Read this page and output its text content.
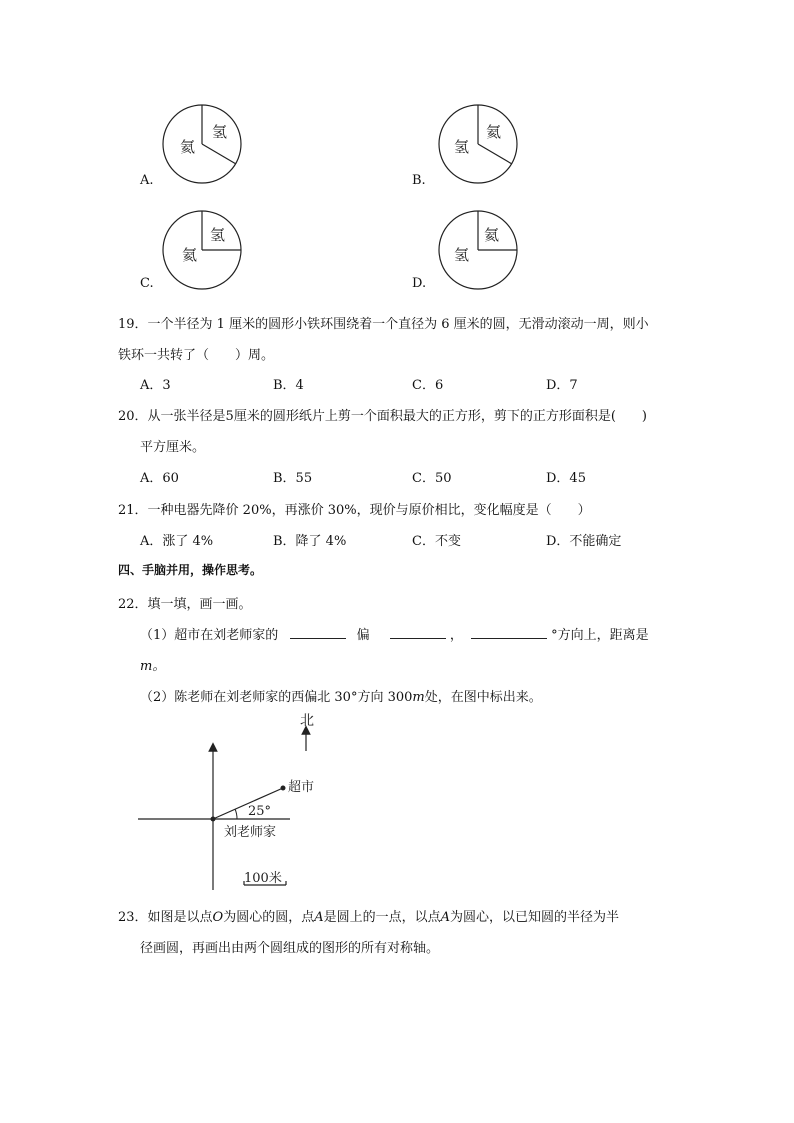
氦
氢
A.
氢
氦
B.
氦
氢
C.
氢
氦
D.
19．一个半径为 1 厘米的圆形小铁环围绕着一个直径为 6 厘米的圆，无滑动滚动一周，则小
铁环一共转了（　　）周。
A．3	B．4	C．6	D．7
20．从一张半径是5厘米的圆形纸片上剪一个面积最大的正方形，剪下的正方形面积是(　　)
平方厘米。
A．60	B．55	C．50	D．45
21．一种电器先降价 20%，再涨价 30%，现价与原价相比，变化幅度是（　　）
A．涨了 4%	B．降了 4%	C．不变	D．不能确定
四、手脑并用，操作思考。
22．填一填，画一画。
（1）超市在刘老师家的	偏	，	°方向上，距离是
m。
（2）陈老师在刘老师家的西偏北 30°方向 300m处，在图中标出来。
北
超市
25°
刘老师家
100米
23．如图是以点O为圆心的圆，点A是圆上的一点，以点A为圆心，以已知圆的半径为半
径画圆，再画出由两个圆组成的图形的所有对称轴。
